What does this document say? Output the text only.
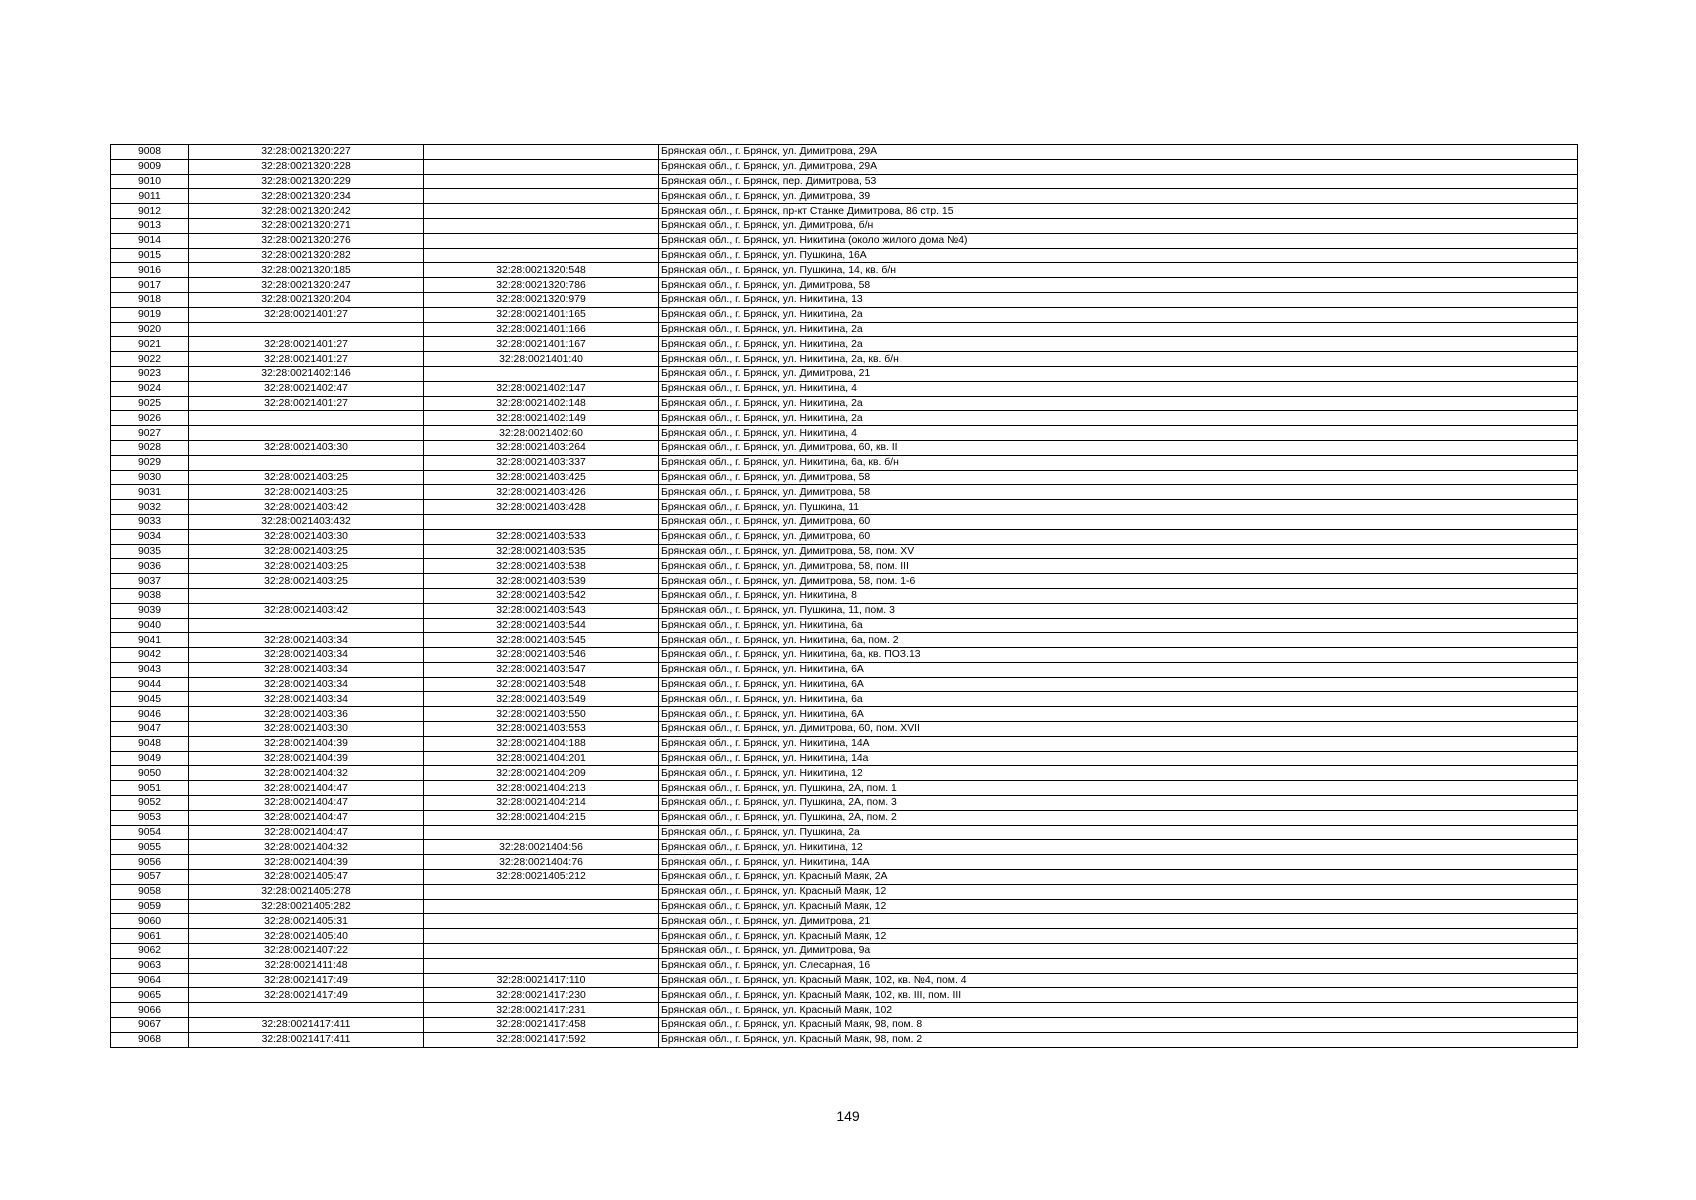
9008	32:28:0021320:227		Брянская обл., г. Брянск, ул. Димитрова, 29А
9009	32:28:0021320:228		Брянская обл., г. Брянск, ул. Димитрова, 29А
9010	32:28:0021320:229		Брянская обл., г. Брянск, пер. Димитрова, 53
9011	32:28:0021320:234		Брянская обл., г. Брянск, ул. Димитрова, 39
9012	32:28:0021320:242		Брянская обл., г. Брянск, пр-кт Станке Димитрова, 86 стр. 15
9013	32:28:0021320:271		Брянская обл., г. Брянск, ул. Димитрова, б/н
9014	32:28:0021320:276		Брянская обл., г. Брянск, ул. Никитина (около жилого дома №4)
9015	32:28:0021320:282		Брянская обл., г. Брянск, ул. Пушкина, 16А
9016	32:28:0021320:185	32:28:0021320:548	Брянская обл., г. Брянск, ул. Пушкина, 14, кв. б/н
9017	32:28:0021320:247	32:28:0021320:786	Брянская обл., г. Брянск, ул. Димитрова, 58
9018	32:28:0021320:204	32:28:0021320:979	Брянская обл., г. Брянск, ул. Никитина, 13
9019	32:28:0021401:27	32:28:0021401:165	Брянская обл., г. Брянск, ул. Никитина, 2а
9020		32:28:0021401:166	Брянская обл., г. Брянск, ул. Никитина, 2а
9021	32:28:0021401:27	32:28:0021401:167	Брянская обл., г. Брянск, ул. Никитина, 2а
9022	32:28:0021401:27	32:28:0021401:40	Брянская обл., г. Брянск, ул. Никитина, 2а, кв. б/н
9023	32:28:0021402:146		Брянская обл., г. Брянск, ул. Димитрова, 21
9024	32:28:0021402:47	32:28:0021402:147	Брянская обл., г. Брянск, ул. Никитина, 4
9025	32:28:0021401:27	32:28:0021402:148	Брянская обл., г. Брянск, ул. Никитина, 2а
9026		32:28:0021402:149	Брянская обл., г. Брянск, ул. Никитина, 2а
9027		32:28:0021402:60	Брянская обл., г. Брянск, ул. Никитина, 4
9028	32:28:0021403:30	32:28:0021403:264	Брянская обл., г. Брянск, ул. Димитрова, 60, кв. II
9029		32:28:0021403:337	Брянская обл., г. Брянск, ул. Никитина, 6а, кв. б/н
9030	32:28:0021403:25	32:28:0021403:425	Брянская обл., г. Брянск, ул. Димитрова, 58
9031	32:28:0021403:25	32:28:0021403:426	Брянская обл., г. Брянск, ул. Димитрова, 58
9032	32:28:0021403:42	32:28:0021403:428	Брянская обл., г. Брянск, ул. Пушкина, 11
9033	32:28:0021403:432		Брянская обл., г. Брянск, ул. Димитрова, 60
9034	32:28:0021403:30	32:28:0021403:533	Брянская обл., г. Брянск, ул. Димитрова, 60
9035	32:28:0021403:25	32:28:0021403:535	Брянская обл., г. Брянск, ул. Димитрова, 58, пом. XV
9036	32:28:0021403:25	32:28:0021403:538	Брянская обл., г. Брянск, ул. Димитрова, 58, пом. III
9037	32:28:0021403:25	32:28:0021403:539	Брянская обл., г. Брянск, ул. Димитрова, 58, пом. 1-6
9038		32:28:0021403:542	Брянская обл., г. Брянск, ул. Никитина, 8
9039	32:28:0021403:42	32:28:0021403:543	Брянская обл., г. Брянск, ул. Пушкина, 11, пом. 3
9040		32:28:0021403:544	Брянская обл., г. Брянск, ул. Никитина, 6а
9041	32:28:0021403:34	32:28:0021403:545	Брянская обл., г. Брянск, ул. Никитина, 6а, пом. 2
9042	32:28:0021403:34	32:28:0021403:546	Брянская обл., г. Брянск, ул. Никитина, 6а, кв. ПОЗ.13
9043	32:28:0021403:34	32:28:0021403:547	Брянская обл., г. Брянск, ул. Никитина, 6А
9044	32:28:0021403:34	32:28:0021403:548	Брянская обл., г. Брянск, ул. Никитина, 6А
9045	32:28:0021403:34	32:28:0021403:549	Брянская обл., г. Брянск, ул. Никитина, 6а
9046	32:28:0021403:36	32:28:0021403:550	Брянская обл., г. Брянск, ул. Никитина, 6А
9047	32:28:0021403:30	32:28:0021403:553	Брянская обл., г. Брянск, ул. Димитрова, 60, пом. XVII
9048	32:28:0021404:39	32:28:0021404:188	Брянская обл., г. Брянск, ул. Никитина, 14А
9049	32:28:0021404:39	32:28:0021404:201	Брянская обл., г. Брянск, ул. Никитина, 14а
9050	32:28:0021404:32	32:28:0021404:209	Брянская обл., г. Брянск, ул. Никитина, 12
9051	32:28:0021404:47	32:28:0021404:213	Брянская обл., г. Брянск, ул. Пушкина, 2А, пом. 1
9052	32:28:0021404:47	32:28:0021404:214	Брянская обл., г. Брянск, ул. Пушкина, 2А, пом. 3
9053	32:28:0021404:47	32:28:0021404:215	Брянская обл., г. Брянск, ул. Пушкина, 2А, пом. 2
9054	32:28:0021404:47		Брянская обл., г. Брянск, ул. Пушкина, 2а
9055	32:28:0021404:32	32:28:0021404:56	Брянская обл., г. Брянск, ул. Никитина, 12
9056	32:28:0021404:39	32:28:0021404:76	Брянская обл., г. Брянск, ул. Никитина, 14А
9057	32:28:0021405:47	32:28:0021405:212	Брянская обл., г. Брянск, ул. Красный Маяк, 2А
9058	32:28:0021405:278		Брянская обл., г. Брянск, ул. Красный Маяк, 12
9059	32:28:0021405:282		Брянская обл., г. Брянск, ул. Красный Маяк, 12
9060	32:28:0021405:31		Брянская обл., г. Брянск, ул. Димитрова, 21
9061	32:28:0021405:40		Брянская обл., г. Брянск, ул. Красный Маяк, 12
9062	32:28:0021407:22		Брянская обл., г. Брянск, ул. Димитрова, 9а
9063	32:28:0021411:48		Брянская обл., г. Брянск, ул. Слесарная, 16
9064	32:28:0021417:49	32:28:0021417:110	Брянская обл., г. Брянск, ул. Красный Маяк, 102, кв. №4, пом. 4
9065	32:28:0021417:49	32:28:0021417:230	Брянская обл., г. Брянск, ул. Красный Маяк, 102, кв. III, пом. III
9066		32:28:0021417:231	Брянская обл., г. Брянск, ул. Красный Маяк, 102
9067	32:28:0021417:411	32:28:0021417:458	Брянская обл., г. Брянск, ул. Красный Маяк, 98, пом. 8
9068	32:28:0021417:411	32:28:0021417:592	Брянская обл., г. Брянск, ул. Красный Маяк, 98, пом. 2
149
